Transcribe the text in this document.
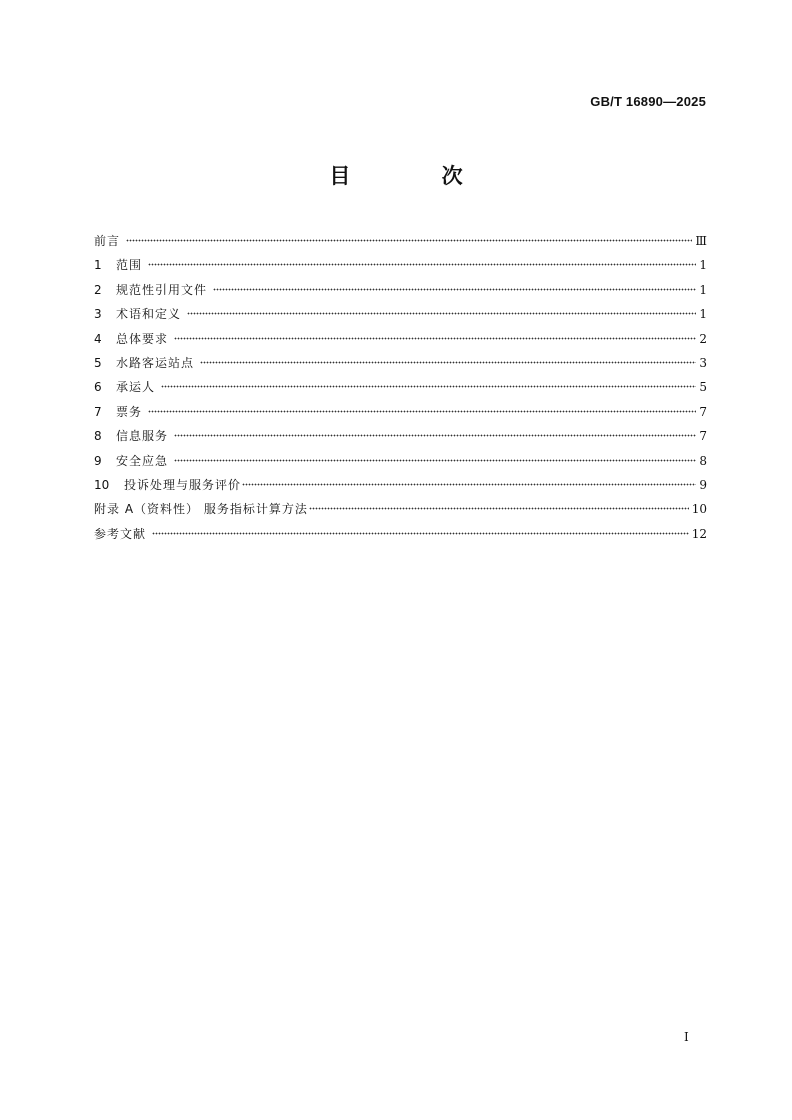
GB/T 16890—2025
目 次
前言	Ⅲ
1	范围	1
2	规范性引用文件	1
3	术语和定义	1
4	总体要求	2
5	水路客运站点	3
6	承运人	5
7	票务	7
8	信息服务	7
9	安全应急	8
10	投诉处理与服务评价	9
附录 A（资料性） 服务指标计算方法	10
参考文献	12
I
